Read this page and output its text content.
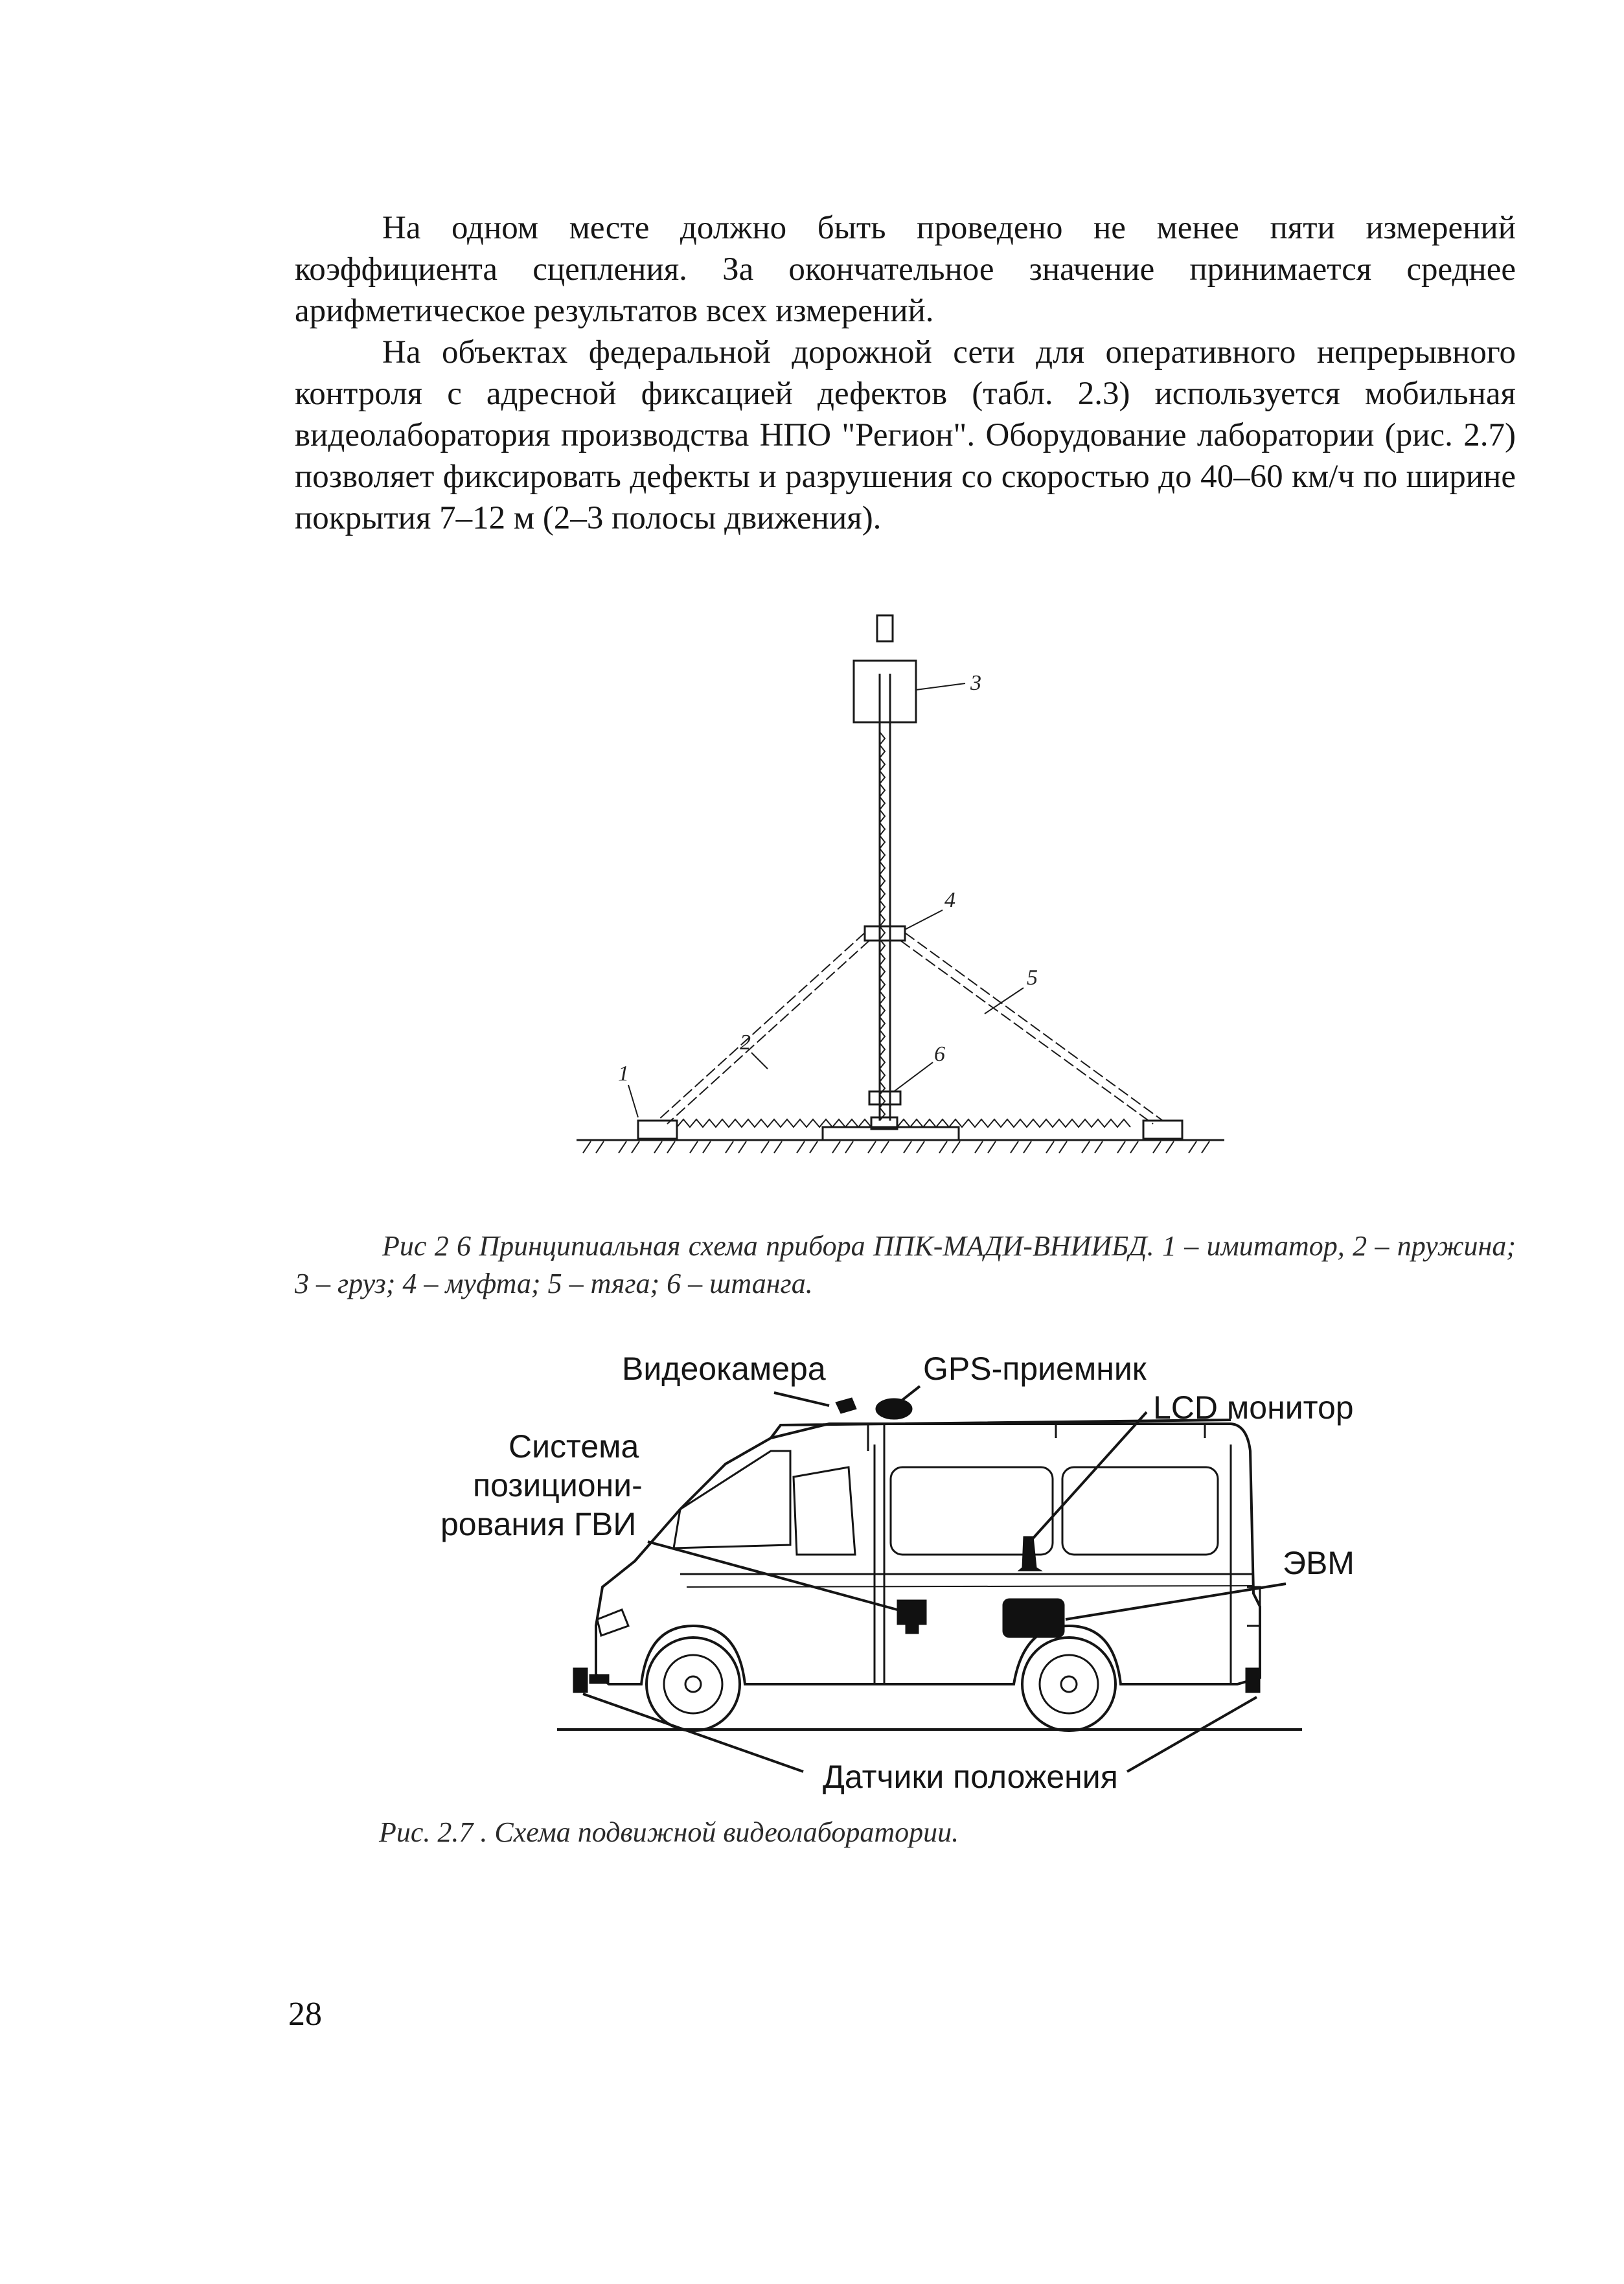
На одном месте должно быть проведено не менее пяти измерений коэффициента сцепления. За окончательное значение принимается среднее арифметическое результатов всех измерений.

На объектах федеральной дорожной сети для оперативного непрерывного контроля с адресной фиксацией дефектов (табл. 2.3) используется мобильная видеолаборатория производства НПО "Регион". Оборудование лаборатории (рис. 2.7) позволяет фиксировать дефекты и разрушения со скоростью до 40–60 км/ч по ширине покрытия 7–12 м (2–3 полосы движения).

3
4
5
2
1
6
Рис 2 6 Принципиальная схема прибора ППК-МАДИ-ВНИИБД. 1 – имитатор, 2 – пружина; 3 – груз; 4 – муфта; 5 – тяга; 6 – штанга.
Видеокамера	GPS-приемник
LCD монитор
Система
позициони-
рования ГВИ
ЭВМ
Датчики положения
Рис. 2.7 . Схема подвижной видеолаборатории.
28
